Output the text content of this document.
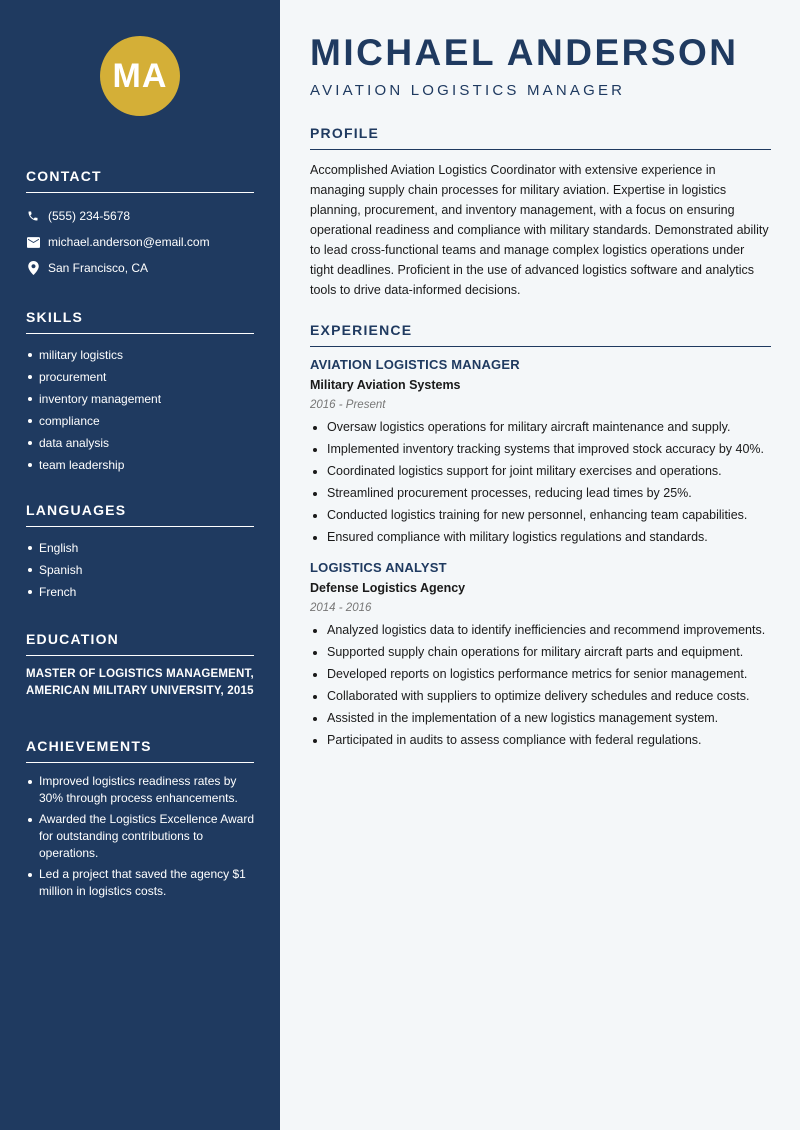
MA
CONTACT
(555) 234-5678
michael.anderson@email.com
San Francisco, CA
SKILLS
military logistics
procurement
inventory management
compliance
data analysis
team leadership
LANGUAGES
English
Spanish
French
EDUCATION
MASTER OF LOGISTICS MANAGEMENT,
AMERICAN MILITARY UNIVERSITY, 2015
ACHIEVEMENTS
Improved logistics readiness rates by 30% through process enhancements.
Awarded the Logistics Excellence Award for outstanding contributions to operations.
Led a project that saved the agency $1 million in logistics costs.
MICHAEL ANDERSON
AVIATION LOGISTICS MANAGER
PROFILE

Accomplished Aviation Logistics Coordinator with extensive experience in managing supply chain processes for military aviation. Expertise in logistics planning, procurement, and inventory management, with a focus on ensuring operational readiness and compliance with military standards. Demonstrated ability to lead cross-functional teams and manage complex logistics operations under tight deadlines. Proficient in the use of advanced logistics software and analytics tools to drive data-informed decisions.

EXPERIENCE
AVIATION LOGISTICS MANAGER
Military Aviation Systems
2016 - Present
Oversaw logistics operations for military aircraft maintenance and supply.
Implemented inventory tracking systems that improved stock accuracy by 40%.
Coordinated logistics support for joint military exercises and operations.
Streamlined procurement processes, reducing lead times by 25%.
Conducted logistics training for new personnel, enhancing team capabilities.
Ensured compliance with military logistics regulations and standards.
LOGISTICS ANALYST
Defense Logistics Agency
2014 - 2016
Analyzed logistics data to identify inefficiencies and recommend improvements.
Supported supply chain operations for military aircraft parts and equipment.
Developed reports on logistics performance metrics for senior management.
Collaborated with suppliers to optimize delivery schedules and reduce costs.
Assisted in the implementation of a new logistics management system.
Participated in audits to assess compliance with federal regulations.
